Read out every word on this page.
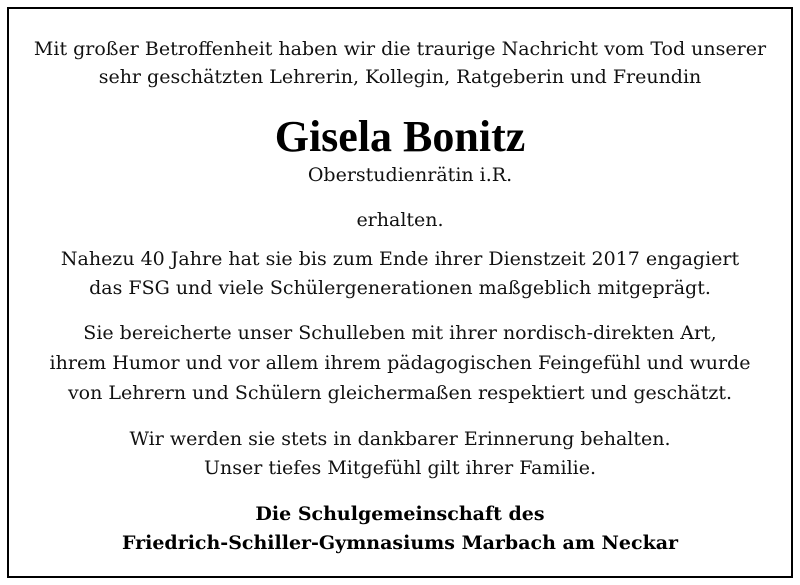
Mit großer Betroffenheit haben wir die traurige Nachricht vom Tod unserer
sehr geschätzten Lehrerin, Kollegin, Ratgeberin und Freundin
Gisela Bonitz
Oberstudienrätin i.R.
erhalten.
Nahezu 40 Jahre hat sie bis zum Ende ihrer Dienstzeit 2017 engagiert
das FSG und viele Schülergenerationen maßgeblich mitgeprägt.
Sie bereicherte unser Schulleben mit ihrer nordisch-direkten Art,
ihrem Humor und vor allem ihrem pädagogischen Feingefühl und wurde
von Lehrern und Schülern gleichermaßen respektiert und geschätzt.
Wir werden sie stets in dankbarer Erinnerung behalten.
Unser tiefes Mitgefühl gilt ihrer Familie.
Die Schulgemeinschaft des
Friedrich-Schiller-Gymnasiums Marbach am Neckar
